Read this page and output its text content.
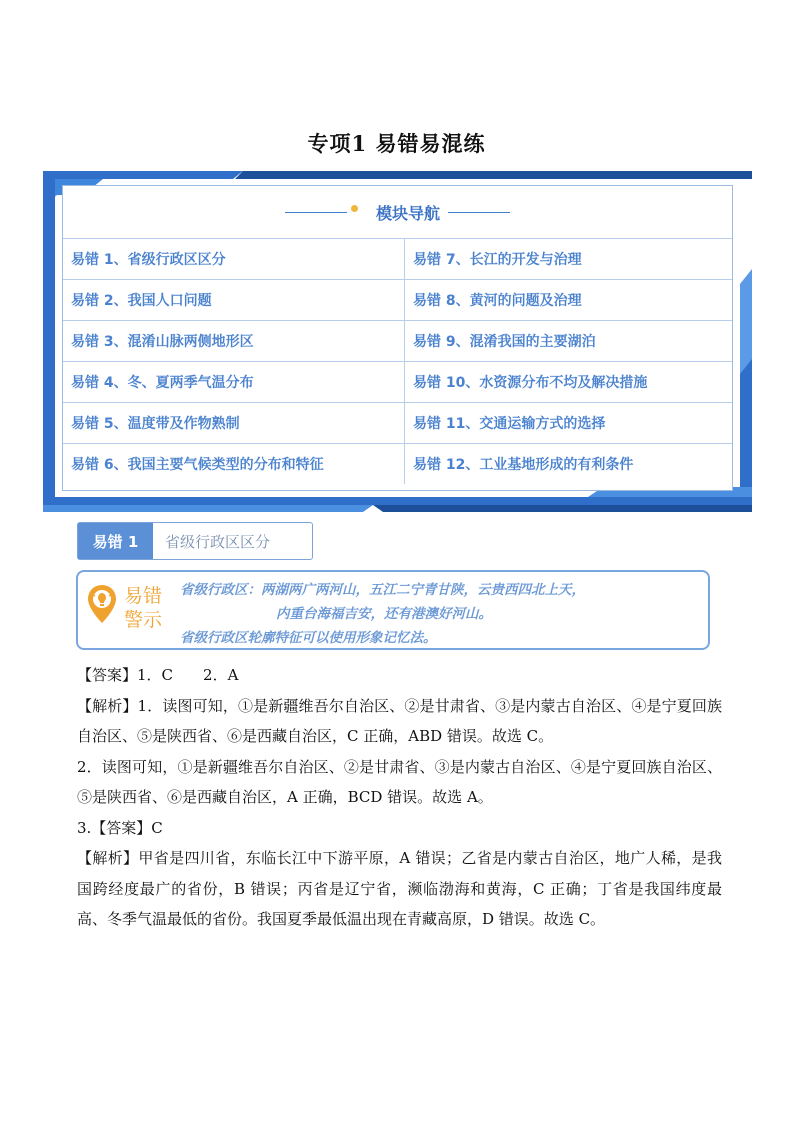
专项1 易错易混练
模块导航
易错 1、省级行政区区分	易错 7、长江的开发与治理
易错 2、我国人口问题	易错 8、黄河的问题及治理
易错 3、混淆山脉两侧地形区	易错 9、混淆我国的主要湖泊
易错 4、冬、夏两季气温分布	易错 10、水资源分布不均及解决措施
易错 5、温度带及作物熟制	易错 11、交通运输方式的选择
易错 6、我国主要气候类型的分布和特征	易错 12、工业基地形成的有利条件
易错 1	省级行政区区分
易错
警示
省级行政区：两湖两广两河山，五江二宁青甘陕，云贵西四北上天，
内重台海福吉安，还有港澳好河山。
省级行政区轮廓特征可以使用形象记忆法。

【答案】1．C　　2．A

【解析】1．读图可知，①是新疆维吾尔自治区、②是甘肃省、③是内蒙古自治区、④是宁夏回族自治区、⑤是陕西省、⑥是西藏自治区，C 正确，ABD 错误。故选 C。

2．读图可知，①是新疆维吾尔自治区、②是甘肃省、③是内蒙古自治区、④是宁夏回族自治区、⑤是陕西省、⑥是西藏自治区，A 正确，BCD 错误。故选 A。

3.【答案】C

【解析】甲省是四川省，东临长江中下游平原，A 错误；乙省是内蒙古自治区，地广人稀，是我国跨经度最广的省份，B 错误；丙省是辽宁省，濒临渤海和黄海，C 正确；丁省是我国纬度最高、冬季气温最低的省份。我国夏季最低温出现在青藏高原，D 错误。故选 C。
